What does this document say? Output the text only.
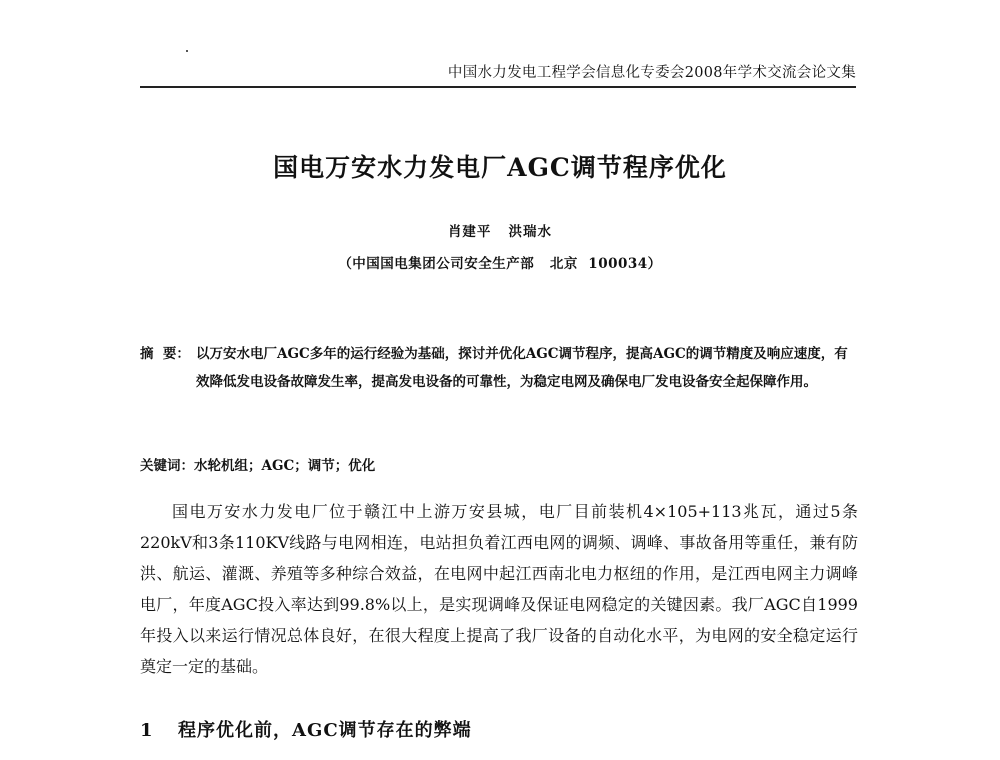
中国水力发电工程学会信息化专委会2008年学术交流会论文集
国电万安水力发电厂AGC调节程序优化
肖建平   洪瑞水
（中国国电集团公司安全生产部   北京  100034）
摘  要： 以万安水电厂AGC多年的运行经验为基础，探讨并优化AGC调节程序，提高AGC的调节精度及响应速度，有效降低发电设备故障发生率，提高发电设备的可靠性，为稳定电网及确保电厂发电设备安全起保障作用。
关键词：水轮机组；AGC；调节；优化
国电万安水力发电厂位于赣江中上游万安县城，电厂目前装机4×105+113兆瓦，通过5条220kV和3条110KV线路与电网相连，电站担负着江西电网的调频、调峰、事故备用等重任，兼有防洪、航运、灌溉、养殖等多种综合效益，在电网中起江西南北电力枢纽的作用，是江西电网主力调峰电厂，年度AGC投入率达到99.8%以上，是实现调峰及保证电网稳定的关键因素。我厂AGC自1999年投入以来运行情况总体良好，在很大程度上提高了我厂设备的自动化水平，为电网的安全稳定运行奠定一定的基础。
1 程序优化前，AGC调节存在的弊端
